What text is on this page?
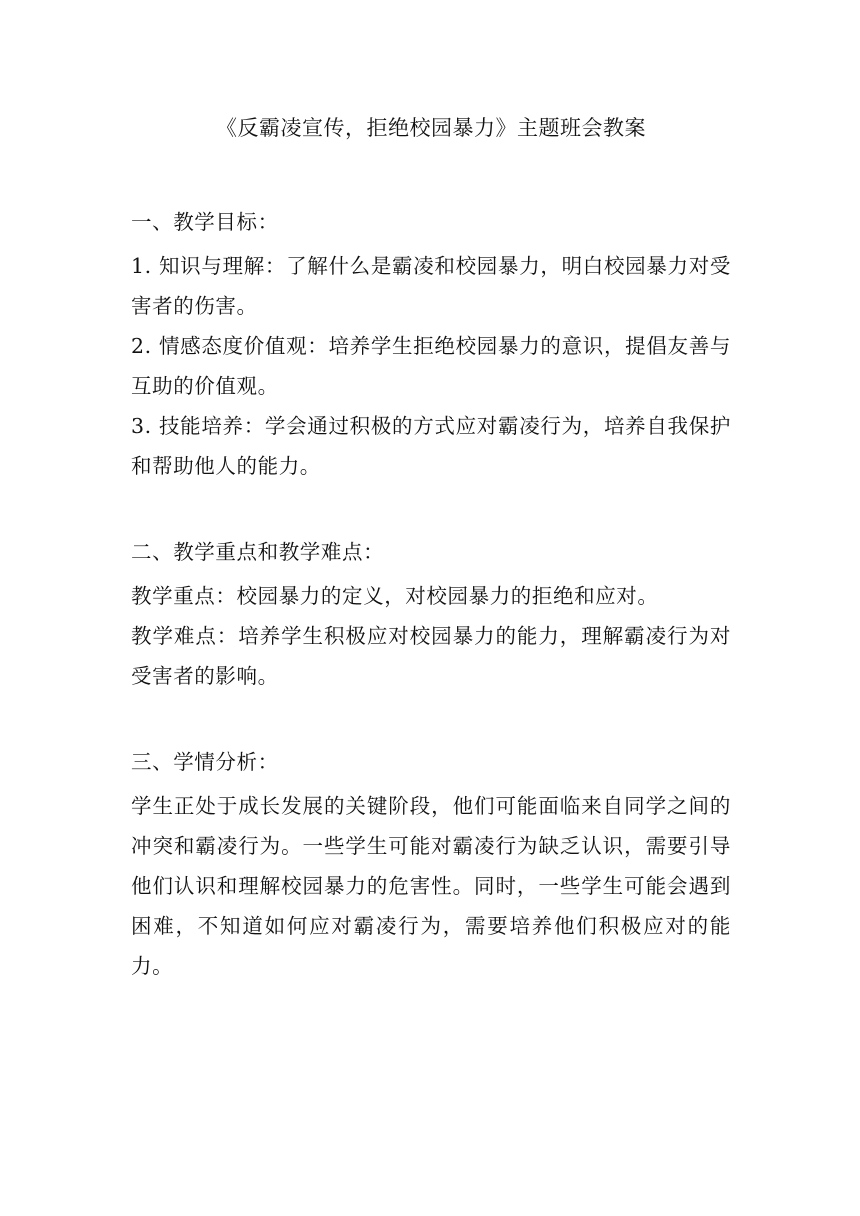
《反霸凌宣传，拒绝校园暴力》主题班会教案

一、教学目标：

1. 知识与理解：了解什么是霸凌和校园暴力，明白校园暴力对受害者的伤害。

2. 情感态度价值观：培养学生拒绝校园暴力的意识，提倡友善与互助的价值观。

3. 技能培养：学会通过积极的方式应对霸凌行为，培养自我保护和帮助他人的能力。

二、教学重点和教学难点：

教学重点：校园暴力的定义，对校园暴力的拒绝和应对。

教学难点：培养学生积极应对校园暴力的能力，理解霸凌行为对受害者的影响。

三、学情分析：

学生正处于成长发展的关键阶段，他们可能面临来自同学之间的冲突和霸凌行为。一些学生可能对霸凌行为缺乏认识，需要引导他们认识和理解校园暴力的危害性。同时，一些学生可能会遇到困难，不知道如何应对霸凌行为，需要培养他们积极应对的能力。
